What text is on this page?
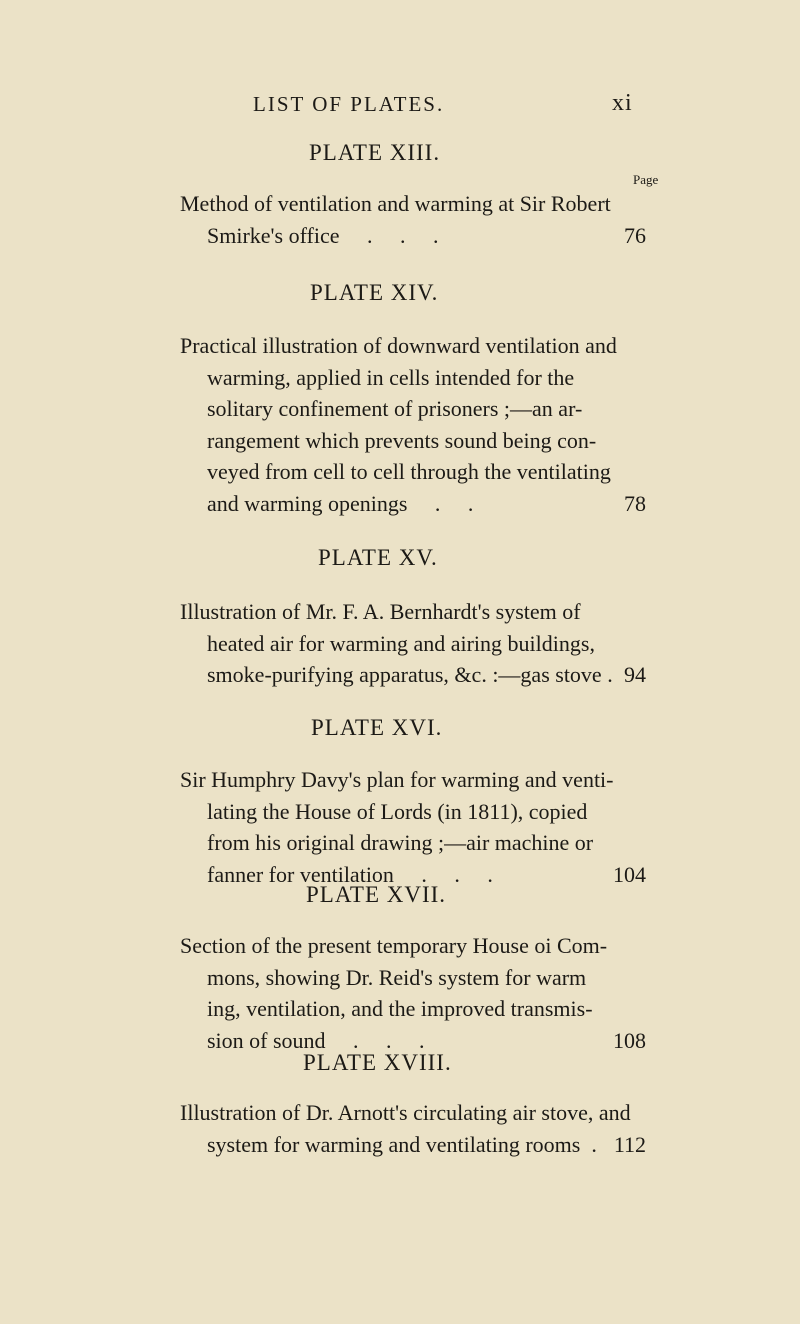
LIST OF PLATES.	xi
Page
PLATE XIII.
Method of ventilation and warming at Sir Robert
Smirke's office     .     .     .	76
PLATE XIV.
Practical illustration of downward ventilation and
warming, applied in cells intended for the
solitary confinement of prisoners ;—an ar-
rangement which prevents sound being con-
veyed from cell to cell through the ventilating
and warming openings     .     .	78
PLATE XV.
Illustration of Mr. F. A. Bernhardt's system of
heated air for warming and airing buildings,
smoke-purifying apparatus, &c. :—gas stove . 94
PLATE XVI.
Sir Humphry Davy's plan for warming and venti-
lating the House of Lords (in 1811), copied
from his original drawing ;—air machine or
fanner for ventilation     .     .     .	104
PLATE XVII.
Section of the present temporary House oi Com-
mons, showing Dr. Reid's system for warm
ing, ventilation, and the improved transmis-
sion of sound     .     .     .	108
PLATE XVIII.
Illustration of Dr. Arnott's circulating air stove, and
system for warming and ventilating rooms  . 112
